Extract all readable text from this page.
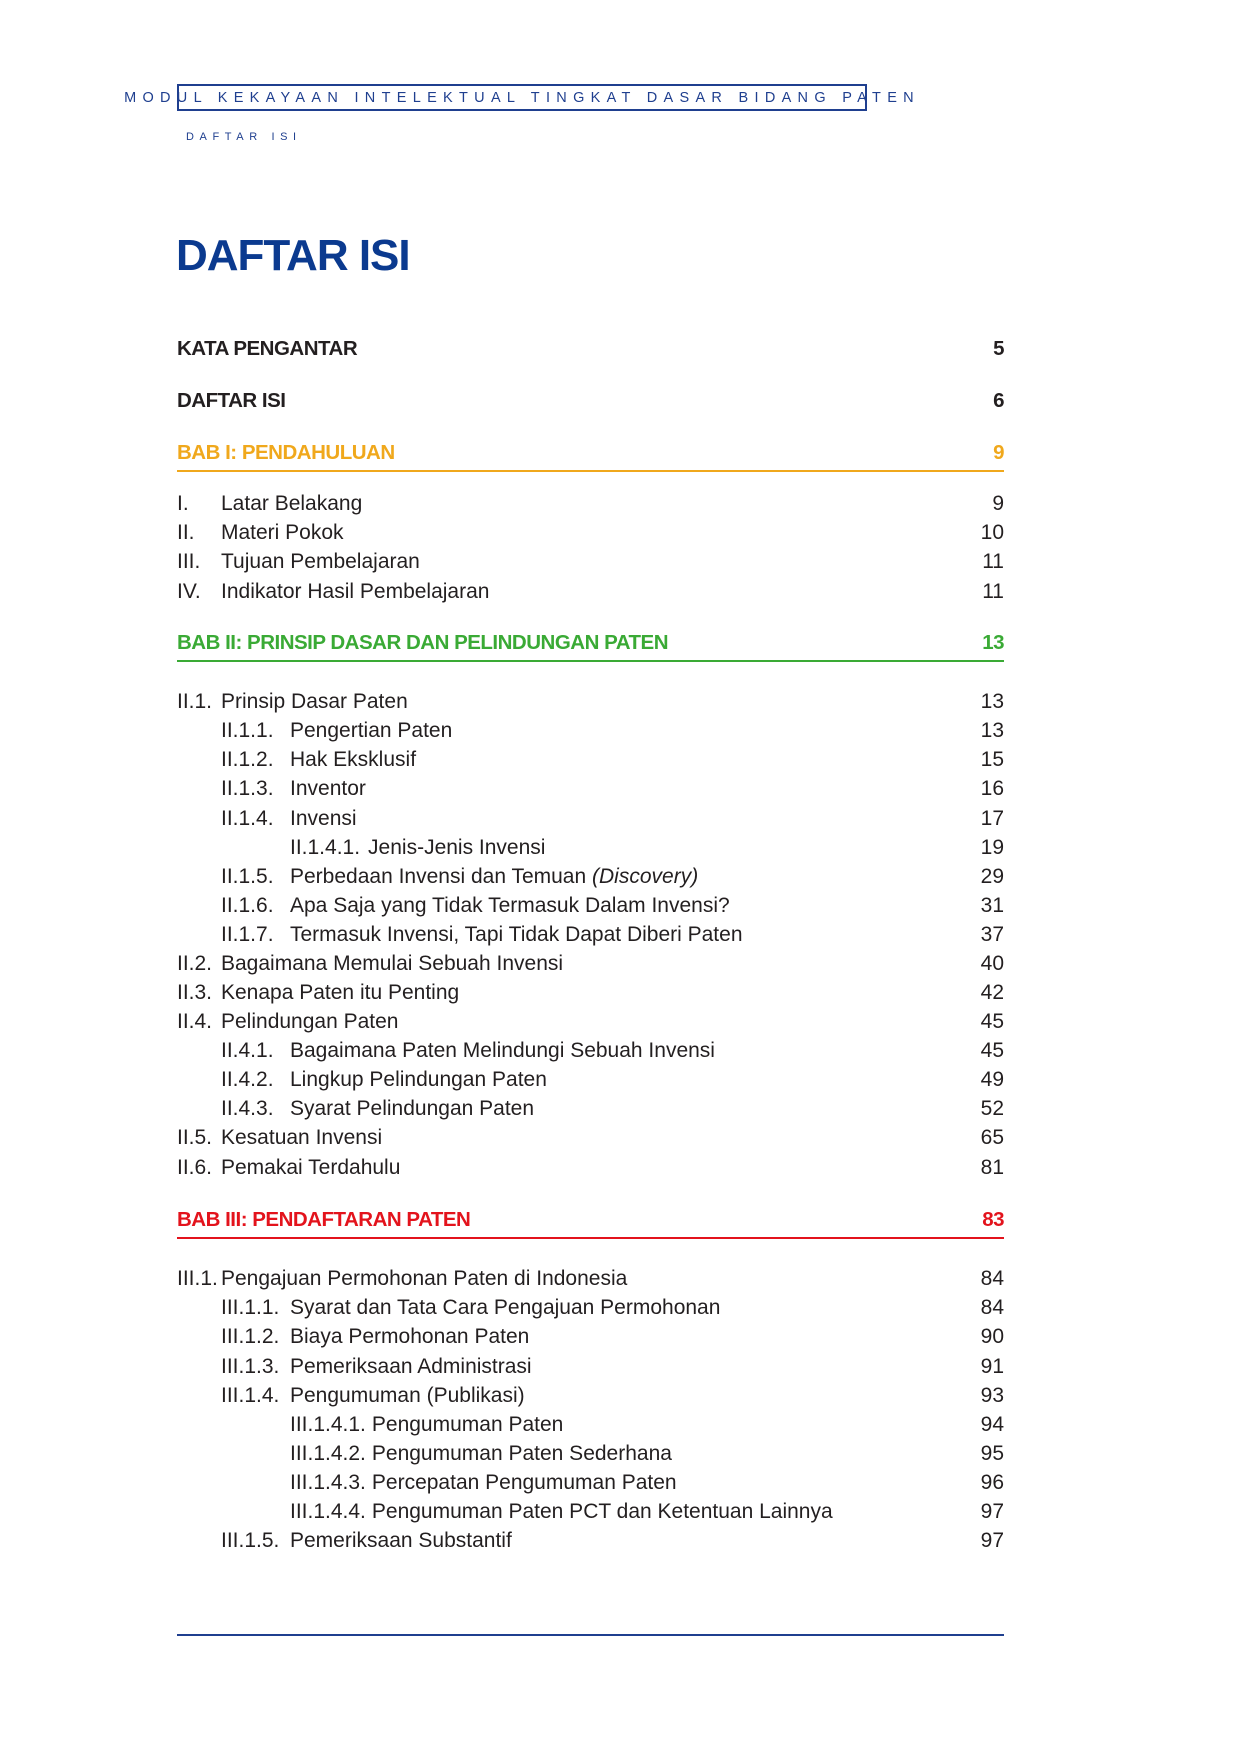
MODUL KEKAYAAN INTELEKTUAL TINGKAT DASAR BIDANG PATEN
DAFTAR ISI
DAFTAR ISI
KATA PENGANTAR	5
DAFTAR ISI	6
BAB I: PENDAHULUAN	9
I.	Latar Belakang	9
II.	Materi Pokok	10
III. Tujuan Pembelajaran	11
IV. Indikator Hasil Pembelajaran	11
BAB II: PRINSIP DASAR DAN PELINDUNGAN PATEN	13
II.1. Prinsip Dasar Paten	13
II.1.1. Pengertian Paten	13
II.1.2. Hak Eksklusif	15
II.1.3. Inventor	16
II.1.4. Invensi	17
II.1.4.1. Jenis-Jenis Invensi	19
II.1.5. Perbedaan Invensi dan Temuan (Discovery)	29
II.1.6. Apa Saja yang Tidak Termasuk Dalam Invensi?	31
II.1.7. Termasuk Invensi, Tapi Tidak Dapat Diberi Paten	37
II.2. Bagaimana Memulai Sebuah Invensi	40
II.3. Kenapa Paten itu Penting	42
II.4. Pelindungan Paten	45
II.4.1. Bagaimana Paten Melindungi Sebuah Invensi	45
II.4.2. Lingkup Pelindungan Paten	49
II.4.3. Syarat Pelindungan Paten	52
II.5. Kesatuan Invensi	65
II.6. Pemakai Terdahulu	81
BAB III: PENDAFTARAN PATEN	83
III.1. Pengajuan Permohonan Paten di Indonesia	84
III.1.1. Syarat dan Tata Cara Pengajuan Permohonan	84
III.1.2. Biaya Permohonan Paten	90
III.1.3. Pemeriksaan Administrasi	91
III.1.4. Pengumuman (Publikasi)	93
III.1.4.1. Pengumuman Paten	94
III.1.4.2. Pengumuman Paten Sederhana	95
III.1.4.3. Percepatan Pengumuman Paten	96
III.1.4.4. Pengumuman Paten PCT dan Ketentuan Lainnya	97
III.1.5. Pemeriksaan Substantif	97
